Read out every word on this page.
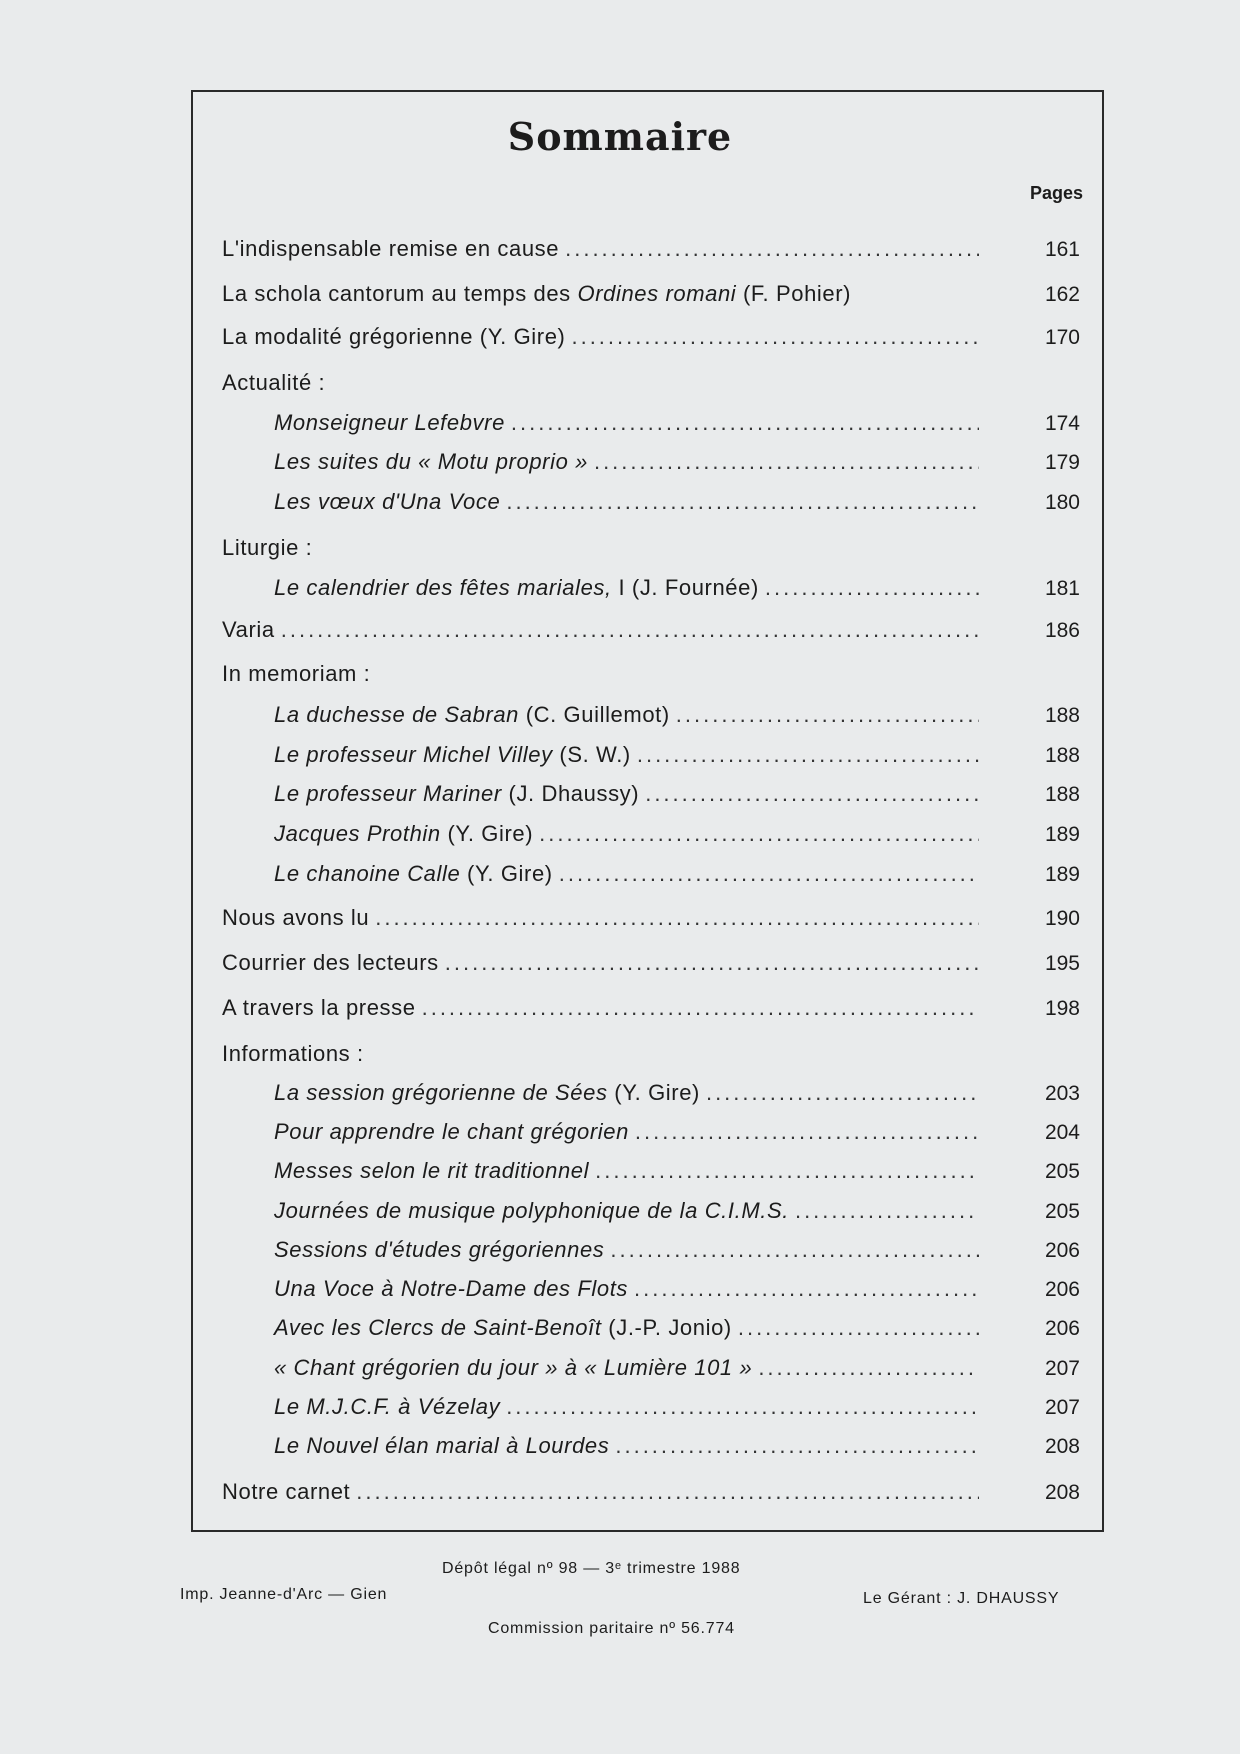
Sommaire
Pages
L'indispensable remise en cause .....	161
La schola cantorum au temps des Ordines romani (F. Pohier)	162
La modalité grégorienne (Y. Gire) .....	170
Actualité :
Monseigneur Lefebvre .....	174
Les suites du « Motu proprio » .....	179
Les vœux d'Una Voce .....	180
Liturgie :
Le calendrier des fêtes mariales, I (J. Fournée) .....	181
Varia .....	186
In memoriam :
La duchesse de Sabran (C. Guillemot) .....	188
Le professeur Michel Villey (S. W.) .....	188
Le professeur Mariner (J. Dhaussy) .....	188
Jacques Prothin (Y. Gire) .....	189
Le chanoine Calle (Y. Gire) .....	189
Nous avons lu .....	190
Courrier des lecteurs .....	195
A travers la presse .....	198
Informations :
La session grégorienne de Sées (Y. Gire) .....	203
Pour apprendre le chant grégorien .....	204
Messes selon le rit traditionnel .....	205
Journées de musique polyphonique de la C.I.M.S. .....	205
Sessions d'études grégoriennes .....	206
Una Voce à Notre-Dame des Flots .....	206
Avec les Clercs de Saint-Benoît (J.-P. Jonio) .....	206
« Chant grégorien du jour » à « Lumière 101 » .....	207
Le M.J.C.F. à Vézelay .....	207
Le Nouvel élan marial à Lourdes .....	208
Notre carnet .....	208
Dépôt légal nº 98 — 3ᵉ trimestre 1988
Imp. Jeanne-d'Arc — Gien	Le Gérant : J. DHAUSSY
Commission paritaire nº 56.774
